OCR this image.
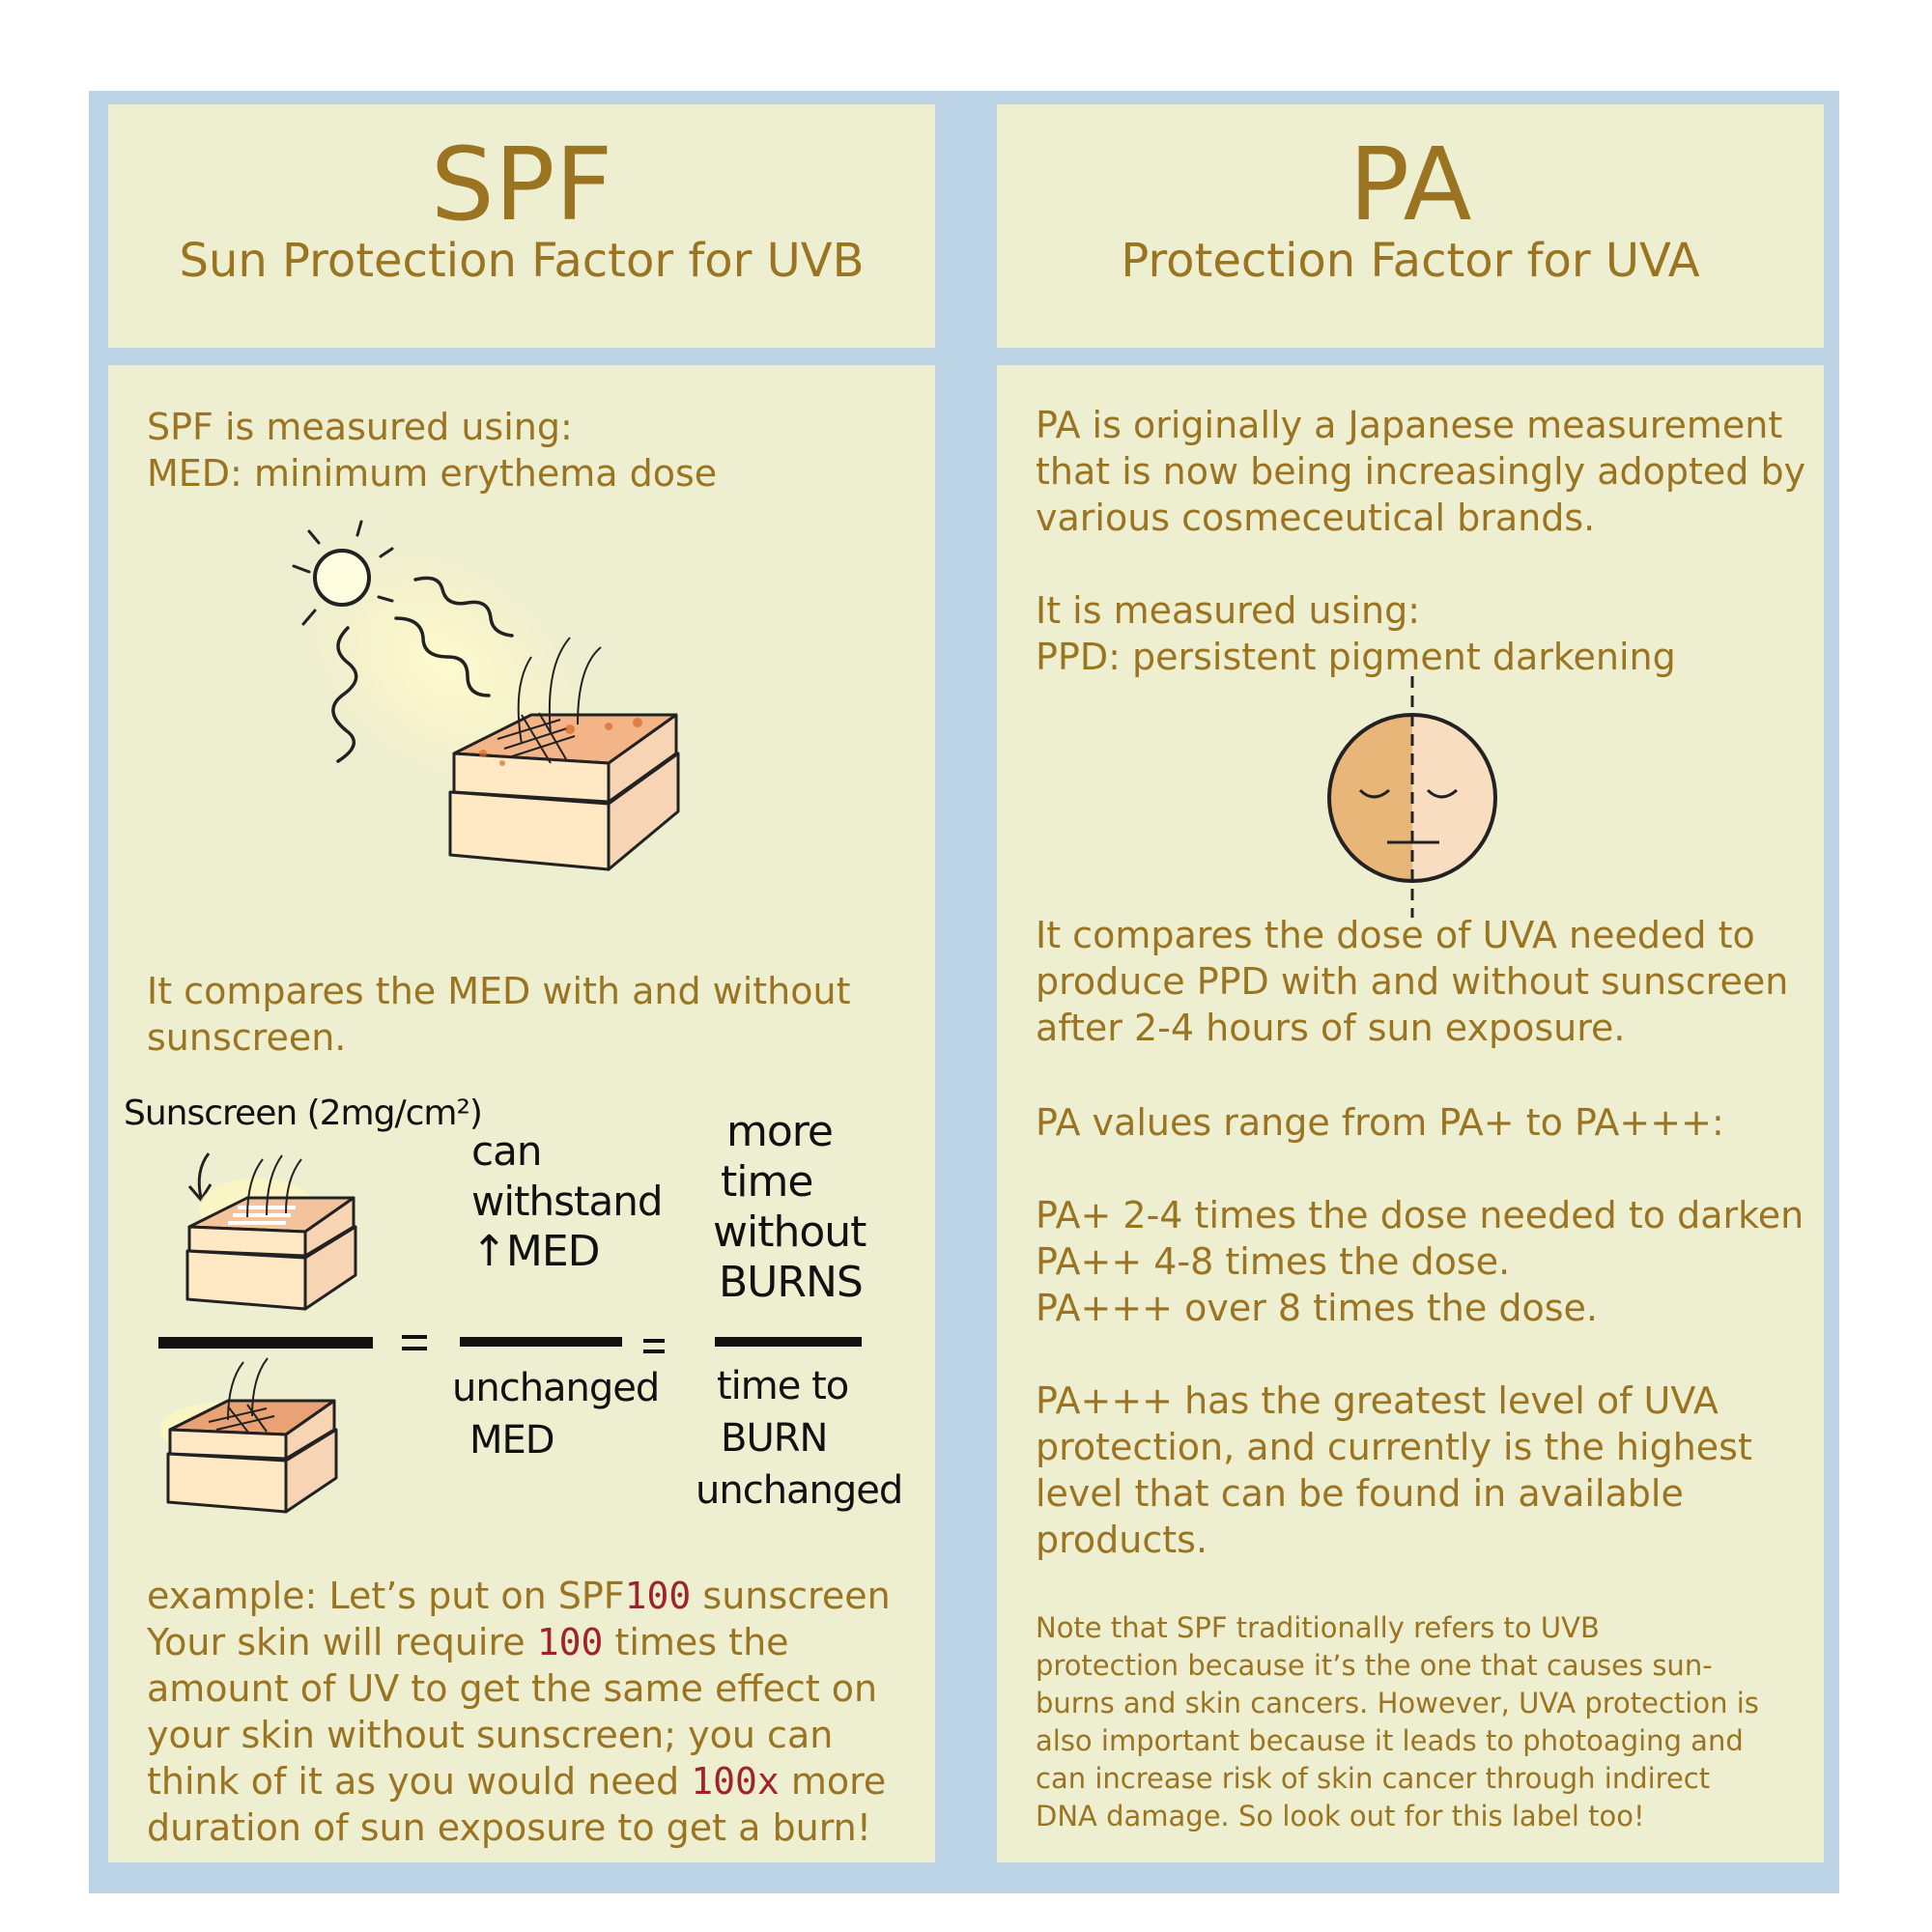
SPF
Sun Protection Factor for UVB
PA
Protection Factor for UVA
SPF is measured using:
MED: minimum erythema dose
It compares the MED with and without
sunscreen.
Sunscreen (2mg/cm²)
can
withstand
↑MED
unchanged
MED
more
time
without
BURNS
time to
BURN
unchanged
example: Let’s put on SPF100 sunscreen
Your skin will require 100 times the
amount of UV to get the same effect on
your skin without sunscreen; you can
think of it as you would need 100x more
duration of sun exposure to get a burn!
PA is originally a Japanese measurement
that is now being increasingly adopted by
various cosmeceutical brands.
It is measured using:
PPD: persistent pigment darkening
It compares the dose of UVA needed to
produce PPD with and without sunscreen
after 2-4 hours of sun exposure.
PA values range from PA+ to PA+++:
PA+ 2-4 times the dose needed to darken
PA++ 4-8 times the dose.
PA+++ over 8 times the dose.
PA+++ has the greatest level of UVA
protection, and currently is the highest
level that can be found in available
products.
Note that SPF traditionally refers to UVB
protection because it’s the one that causes sun-
burns and skin cancers. However, UVA protection is
also important because it leads to photoaging and
can increase risk of skin cancer through indirect
DNA damage. So look out for this label too!
